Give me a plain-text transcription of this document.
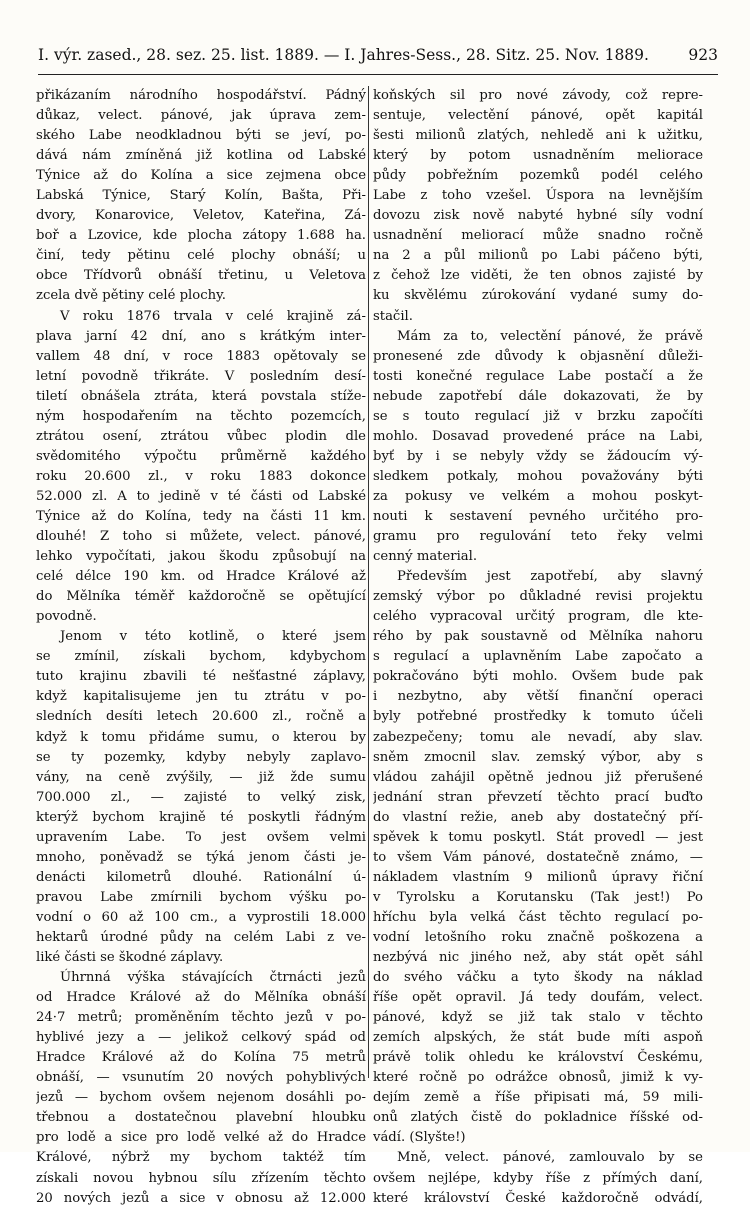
I. výr. zased., 28. sez. 25. list. 1889. — I. Jahres-Sess., 28. Sitz. 25. Nov. 1889.	923
přikázaním národního hospodářství. Pádný
důkaz, velect. pánové, jak úprava zem-
ského Labe neodkladnou býti se jeví, po-
dává nám zmíněná již kotlina od Labské
Týnice až do Kolína a sice zejmena obce
Labská Týnice, Starý Kolín, Bašta, Při-
dvory, Konarovice, Veletov, Kateřina, Zá-
boř a Lzovice, kde plocha zátopy 1.688 ha.
činí, tedy pětinu celé plochy obnáší; u
obce Třídvorů obnáší třetinu, u Veletova
zcela dvě pětiny celé plochy.
V roku 1876 trvala v celé krajině zá-
plava jarní 42 dní, ano s krátkým inter-
vallem 48 dní, v roce 1883 opětovaly se
letní povodně třikráte. V posledním desí-
tiletí obnášela ztráta, která povstala stíže-
ným hospodařením na těchto pozemcích,
ztrátou osení, ztrátou vůbec plodin dle
svědomitého výpočtu průměrně každého
roku 20.600 zl., v roku 1883 dokonce
52.000 zl. A to jedině v té části od Labské
Týnice až do Kolína, tedy na části 11 km.
dlouhé! Z toho si můžete, velect. pánové,
lehko vypočítati, jakou škodu způsobují na
celé délce 190 km. od Hradce Králové až
do Mělníka téměř každoročně se opětující
povodně.
Jenom v této kotlině, o které jsem
se zmínil, získali bychom, kdybychom
tuto krajinu zbavili té nešťastné záplavy,
když kapitalisujeme jen tu ztrátu v po-
sledních desíti letech 20.600 zl., ročně a
když k tomu přidáme sumu, o kterou by
se ty pozemky, kdyby nebyly zaplavo-
vány, na ceně zvýšily, — již žde sumu
700.000 zl., — zajisté to velký zisk,
kterýž bychom krajině té poskytli řádným
upravením Labe. To jest ovšem velmi
mnoho, poněvadž se týká jenom části je-
denácti kilometrů dlouhé. Rationální ú-
pravou Labe zmírnili bychom výšku po-
vodní o 60 až 100 cm., a vyprostili 18.000
hektarů úrodné půdy na celém Labi z ve-
liké části se škodné záplavy.
Úhrnná výška stávajících čtrnácti jezů
od Hradce Králové až do Mělníka obnáší
24·7 metrů; proměněním těchto jezů v po-
hyblivé jezy a — jelikož celkový spád od
Hradce Králové až do Kolína 75 metrů
obnáší, — vsunutím 20 nových pohyblivých
jezů — bychom ovšem nejenom dosáhli po-
třebnou a dostatečnou plavební hloubku
pro lodě a sice pro lodě velké až do Hradce
Králové, nýbrž my bychom taktéž tím
získali novou hybnou sílu zřízením těchto
20 nových jezů a sice v obnosu až 12.000
koňských sil pro nové závody, což repre-
sentuje, velectění pánové, opět kapitál
šesti milionů zlatých, nehledě ani k užitku,
který by potom usnadněním meliorace
půdy pobřežním pozemků podél celého
Labe z toho vzešel. Úspora na levnějším
dovozu zisk nově nabyté hybné síly vodní
usnadnění meliorací může snadno ročně
na 2 a půl milionů po Labi páčeno býti,
z čehož lze viděti, že ten obnos zajisté by
ku skvělému zúrokování vydané sumy do-
stačil.
Mám za to, velectění pánové, že právě
pronesené zde důvody k objasnění důleži-
tosti konečné regulace Labe postačí a že
nebude zapotřebí dále dokazovati, že by
se s touto regulací již v brzku započíti
mohlo. Dosavad provedené práce na Labi,
byť by i se nebyly vždy se žádoucím vý-
sledkem potkaly, mohou považovány býti
za pokusy ve velkém a mohou poskyt-
nouti k sestavení pevného určitého pro-
gramu pro regulování teto řeky velmi
cenný material.
Především jest zapotřebí, aby slavný
zemský výbor po důkladné revisi projektu
celého vypracoval určitý program, dle kte-
rého by pak soustavně od Mělníka nahoru
s regulací a uplavněním Labe započato a
pokračováno býti mohlo. Ovšem bude pak
i nezbytno, aby větší finanční operaci
byly potřebné prostředky k tomuto účeli
zabezpečeny; tomu ale nevadí, aby slav.
sněm zmocnil slav. zemský výbor, aby s
vládou zahájil opětně jednou již přerušené
jednání stran převzetí těchto prací buďto
do vlastní režie, aneb aby dostatečný pří-
spěvek k tomu poskytl. Stát provedl — jest
to všem Vám pánové, dostatečně známo, —
nákladem vlastním 9 milionů úpravy řiční
v Tyrolsku a Korutansku (Tak jest!) Po
hříchu byla velká část těchto regulací po-
vodní letošního roku značně poškozena a
nezbývá nic jiného než, aby stát opět sáhl
do svého váčku a tyto škody na náklad
říše opět opravil. Já tedy doufám, velect.
pánové, když se již tak stalo v těchto
zemích alpských, že stát bude míti aspoň
právě tolik ohledu ke království Českému,
které ročně po odrážce obnosů, jimiž k vy-
dejím země a říše připisati má, 59 mili-
onů zlatých čistě do pokladnice říšské od-
vádí. (Slyšte!)
Mně, velect. pánové, zamlouvalo by se
ovšem nejlépe, kdyby říše z přímých daní,
které království České každoročně odvádí,
